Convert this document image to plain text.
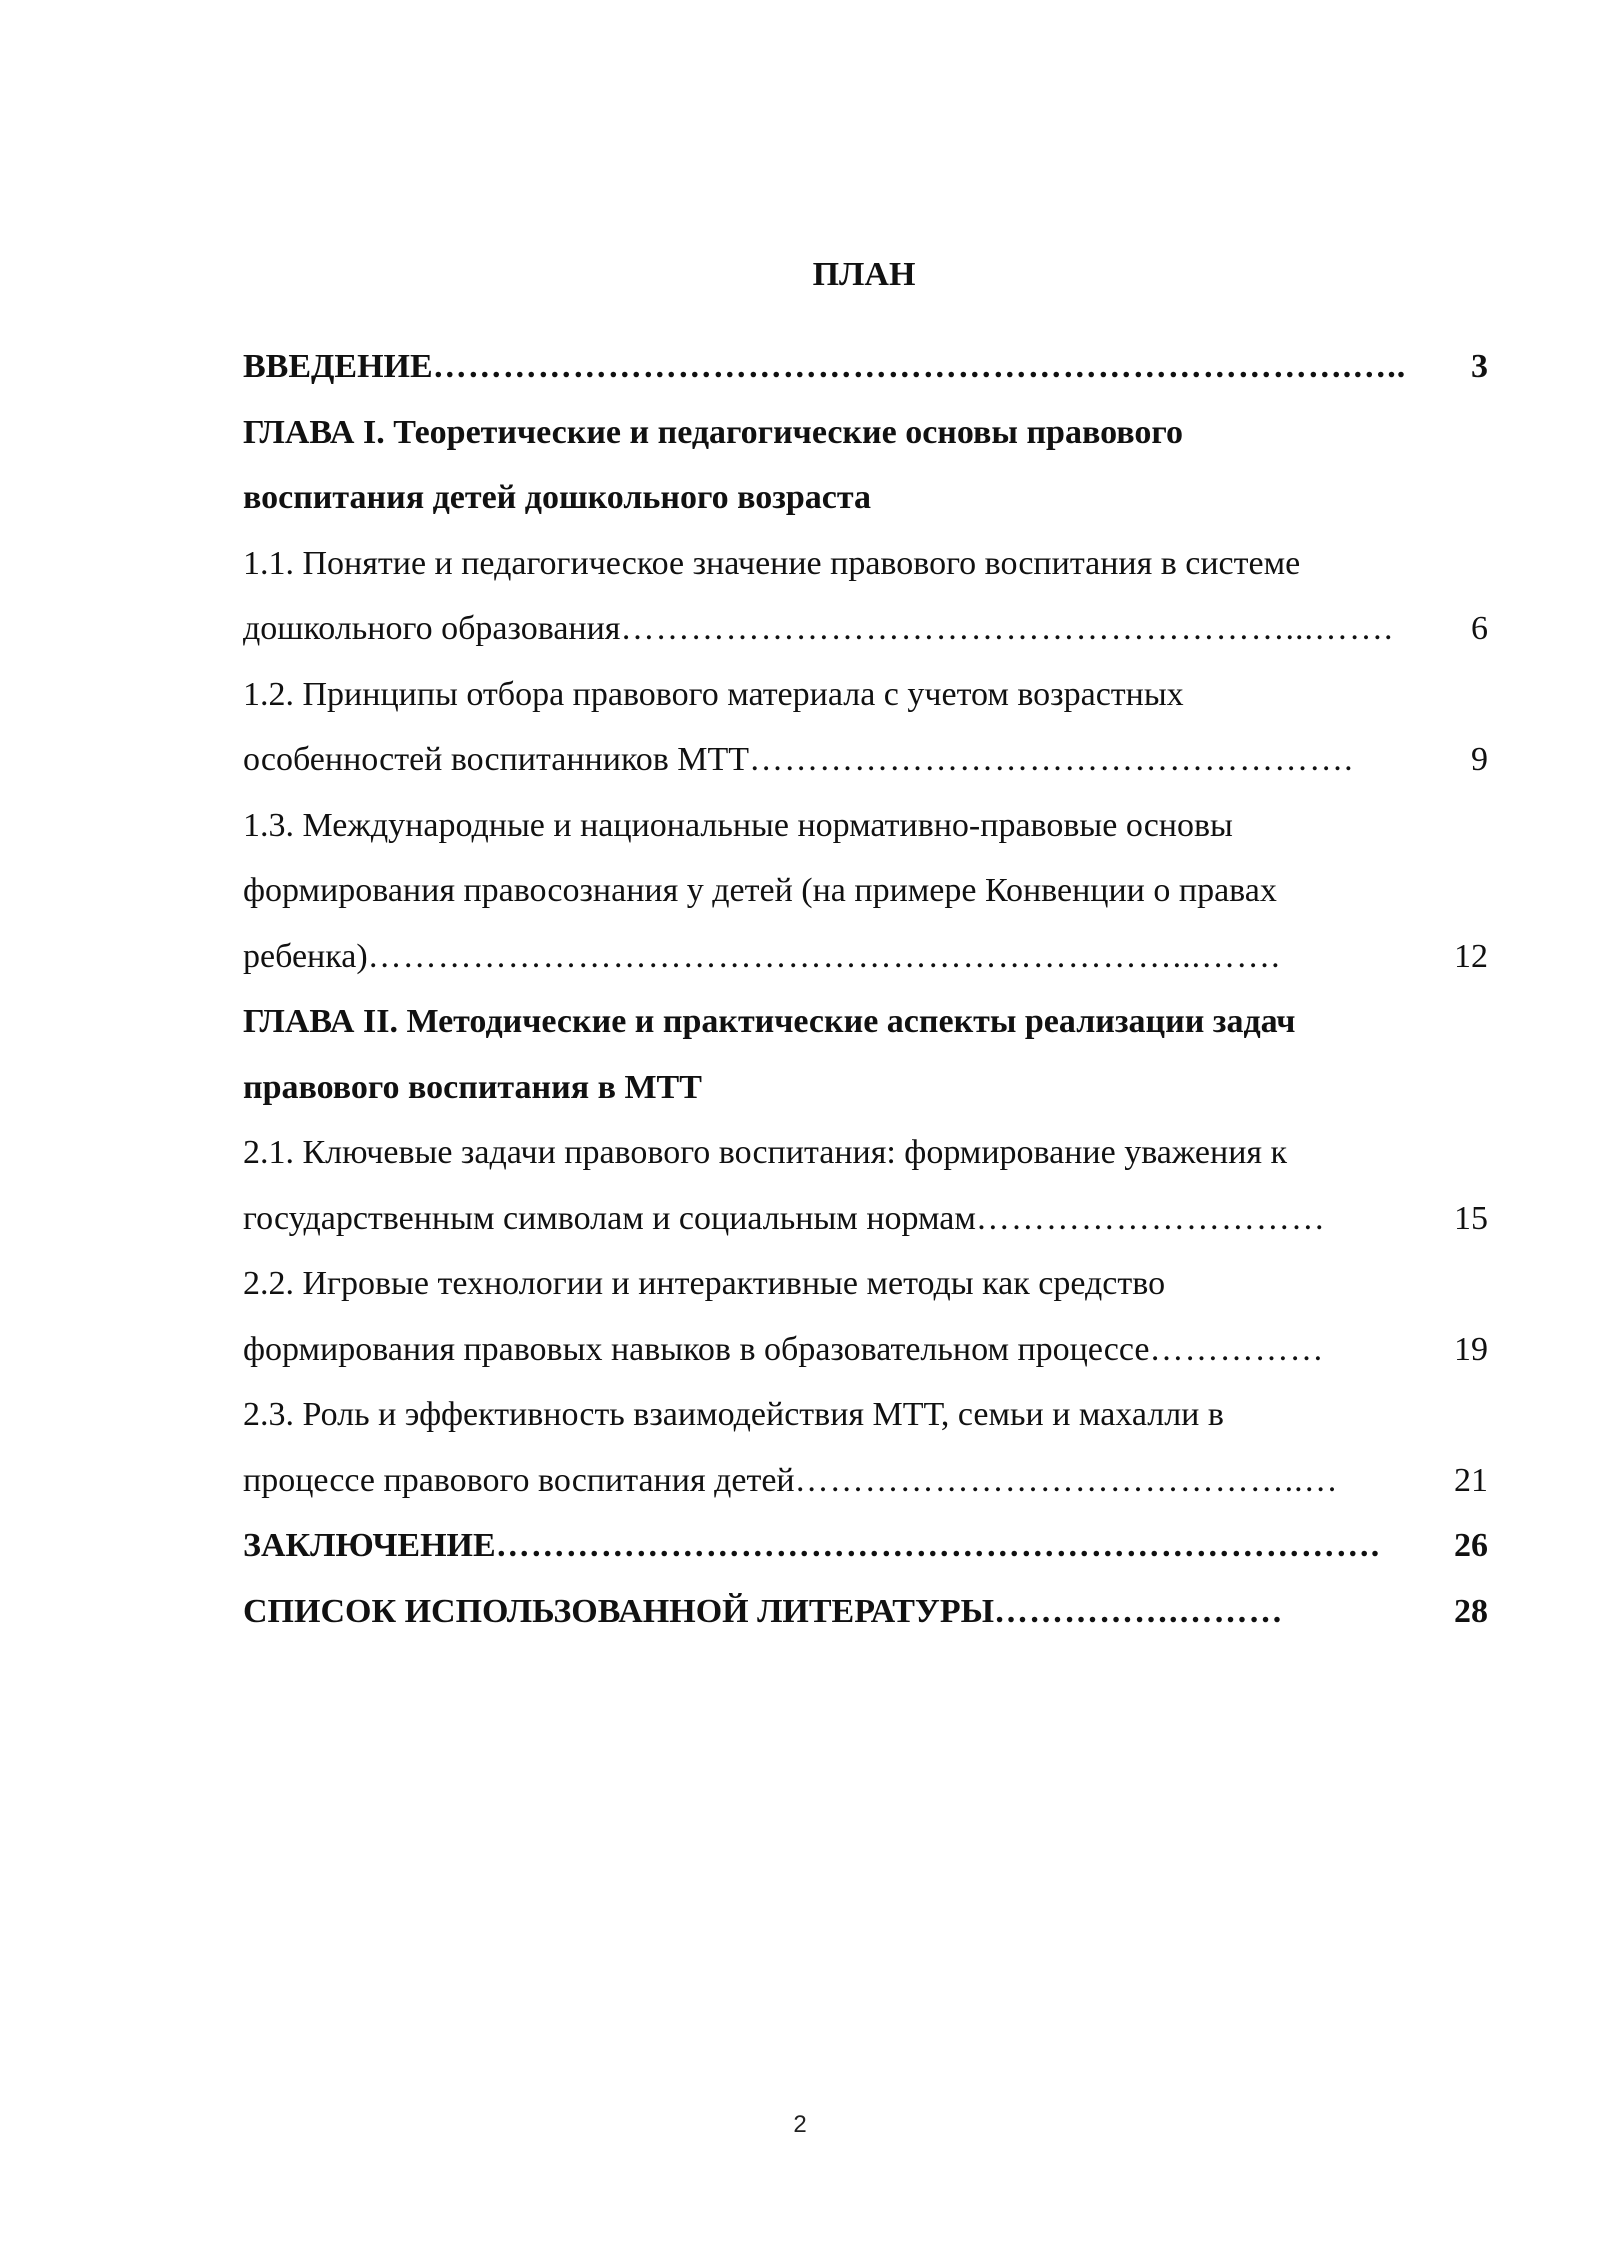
ПЛАН
ВВЕДЕНИЕ …………………………………………………………………….…..	3
ГЛАВА I. Теоретические и педагогические основы правового
воспитания детей дошкольного возраста
1.1. Понятие и педагогическое значение правового воспитания в системе
дошкольного образования …………………………………………………...…….	6
1.2. Принципы отбора правового материала с учетом возрастных
особенностей воспитанников МТТ …………………………………………….	9
1.3. Международные и национальные нормативно-правовые основы
формирования правосознания у детей (на примере Конвенции о правах
ребенка) ……………………………………………………………...…….	12
ГЛАВА II. Методические и практические аспекты реализации задач
правового воспитания в МТТ
2.1. Ключевые задачи правового воспитания: формирование уважения к
государственным символам и социальным нормам …………………………	15
2.2. Игровые технологии и интерактивные методы как средство
формирования правовых навыков в образовательном процессе ……………	19
2.3. Роль и эффективность взаимодействия МТТ, семьи и махалли в
процессе правового воспитания детей ……………………………………..…	21
ЗАКЛЮЧЕНИЕ ………………………………………………………………….	26
СПИСОК ИСПОЛЬЗОВАННОЙ ЛИТЕРАТУРЫ …………….………	28
2
